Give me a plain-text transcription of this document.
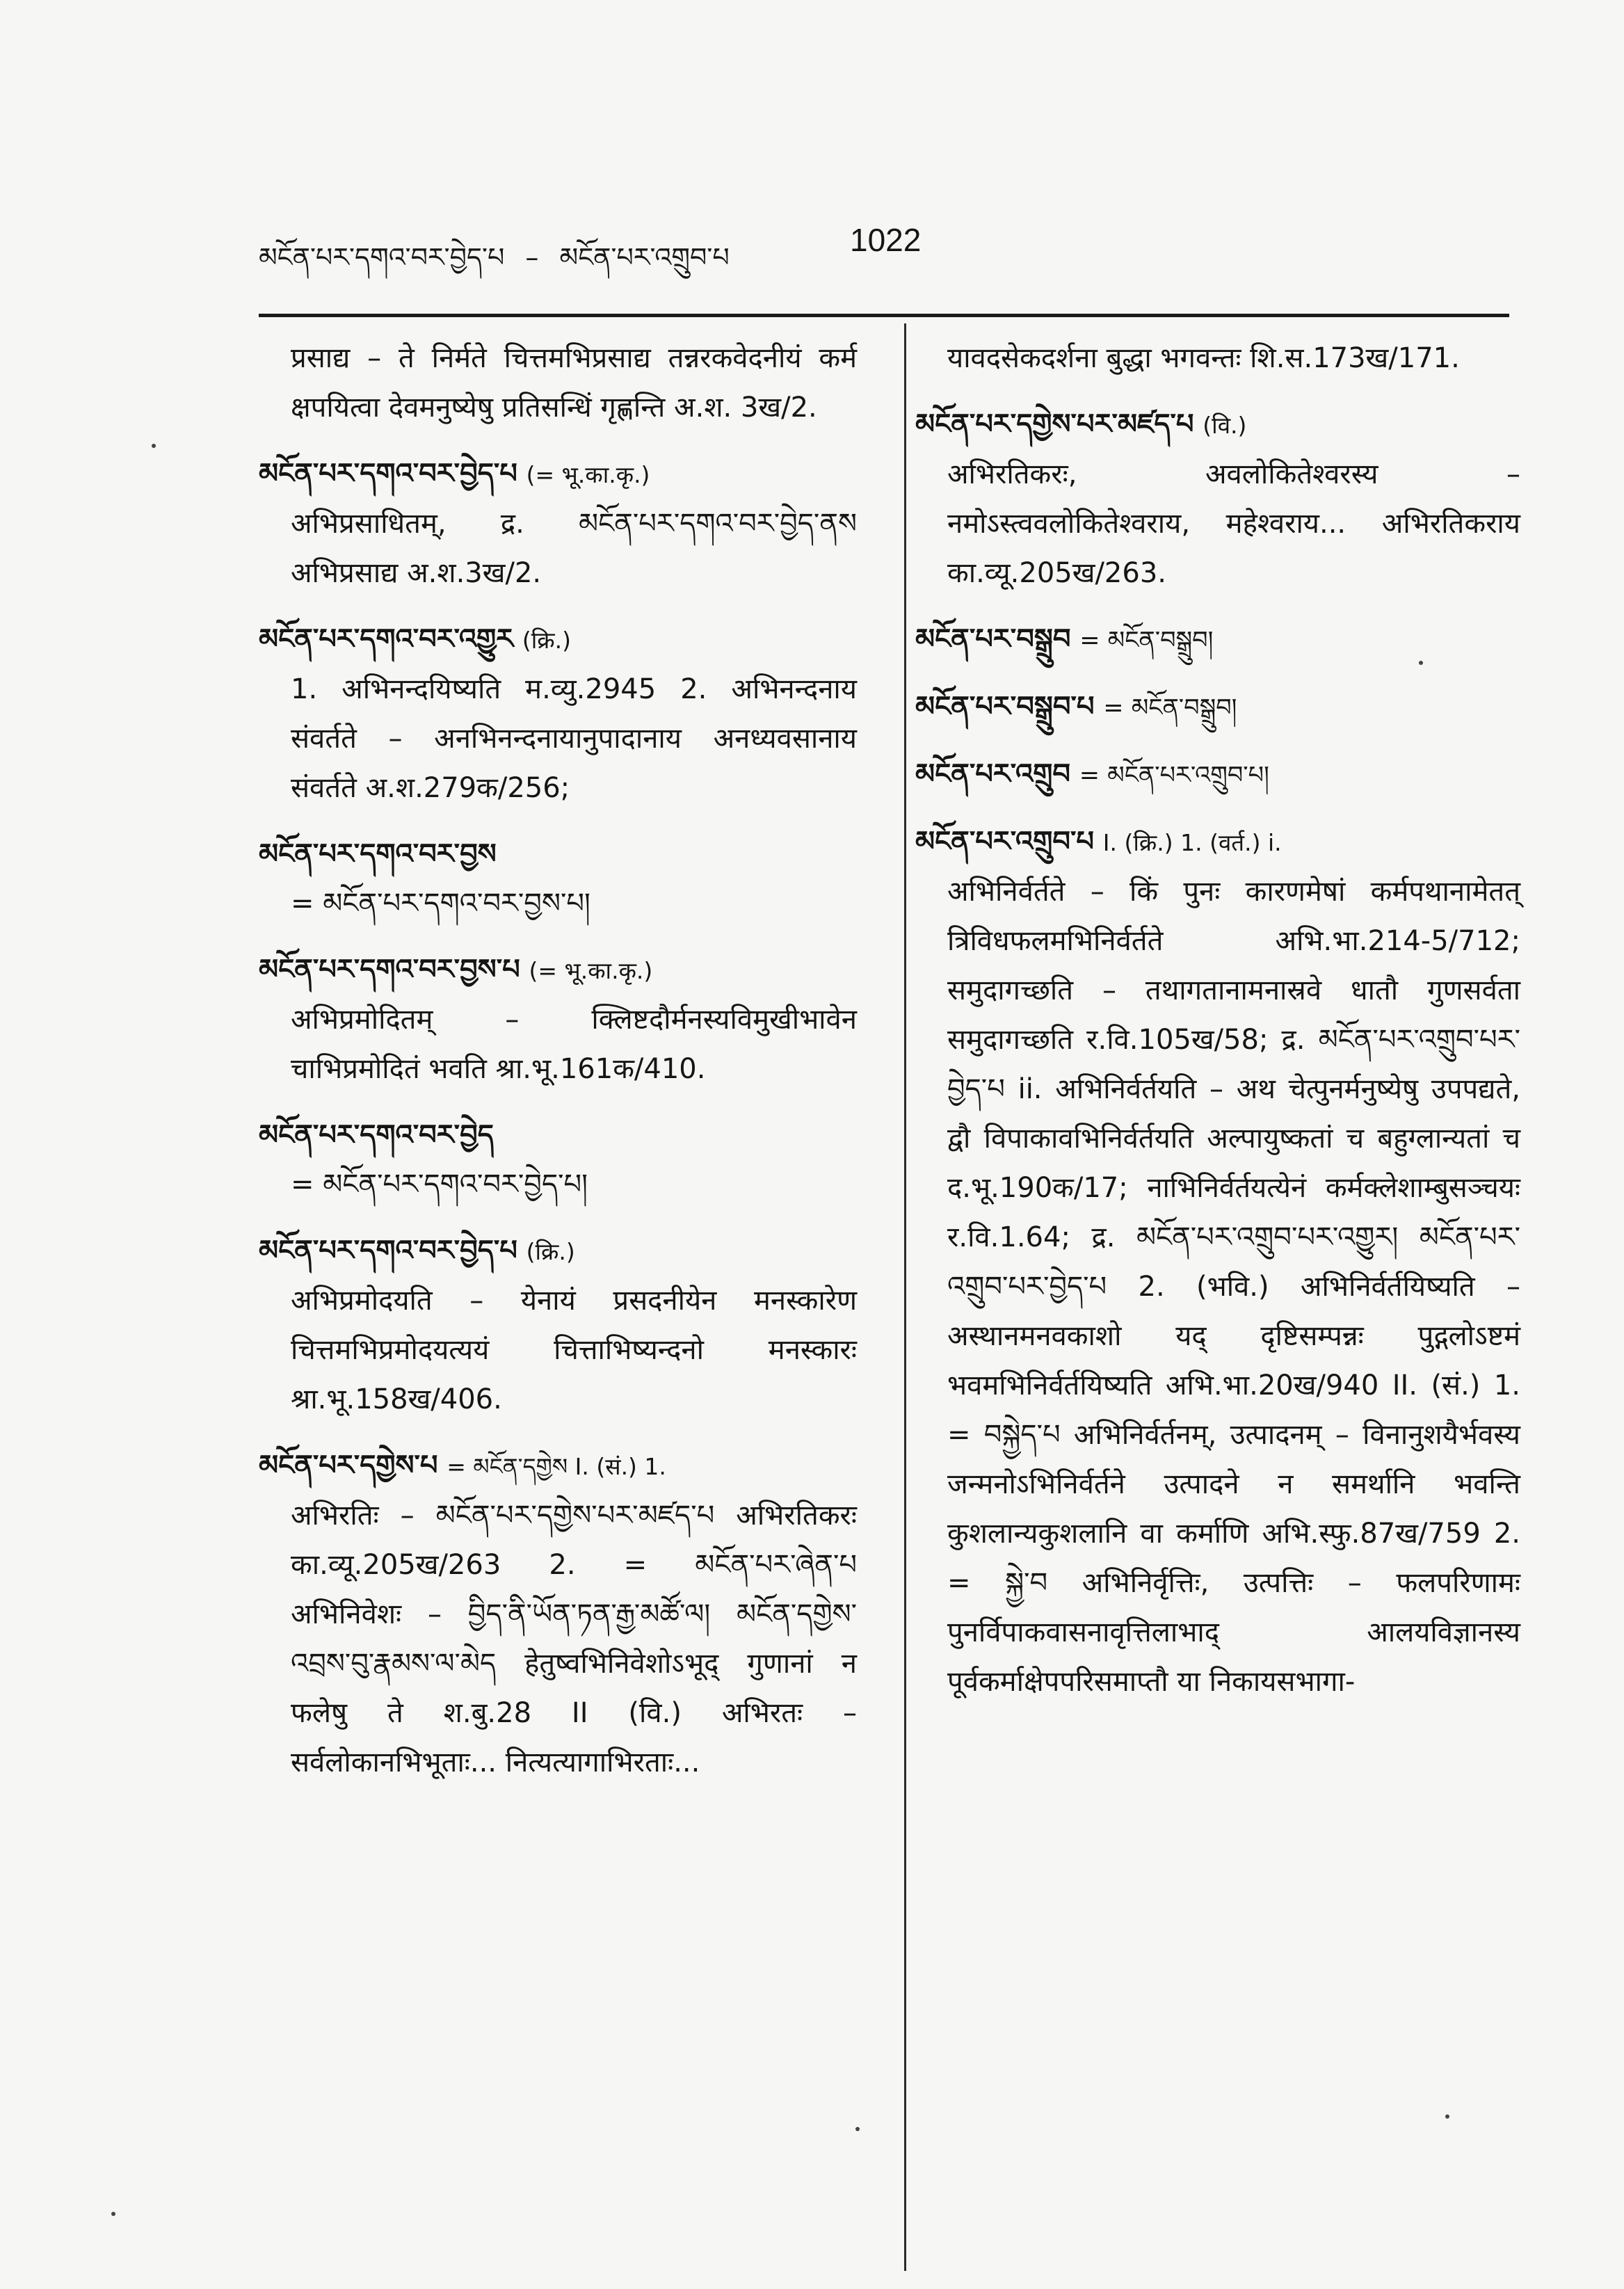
མངོན་པར་དགའ་བར་བྱེད་པ – མངོན་པར་འགྲུབ་པ	1022
प्रसाद्य – ते निर्मते चित्तमभिप्रसाद्य तन्नरकवेदनीयं कर्म क्षपयित्वा देवमनुष्येषु प्रतिसन्धिं गृह्णन्ति अ.श. 3ख/2.
མངོན་པར་དགའ་བར་བྱེད་པ (= भू.का.कृ.)
अभिप्रसाधितम्, द्र. མངོན་པར་དགའ་བར་བྱེད་ནས अभिप्रसाद्य अ.श.3ख/2.
མངོན་པར་དགའ་བར་འགྱུར (क्रि.)
1. अभिनन्दयिष्यति म.व्यु.2945 2. अभिनन्दनाय संवर्तते – अनभिनन्दनायानुपादानाय अनध्यवसानाय संवर्तते अ.श.279क/256;
མངོན་པར་དགའ་བར་བྱས
= མངོན་པར་དགའ་བར་བྱས་པ།
མངོན་པར་དགའ་བར་བྱས་པ (= भू.का.कृ.)
अभिप्रमोदितम् – क्लिष्टदौर्मनस्यविमुखीभावेन चाभिप्रमोदितं भवति श्रा.भू.161क/410.
མངོན་པར་དགའ་བར་བྱེད
= མངོན་པར་དགའ་བར་བྱེད་པ།
མངོན་པར་དགའ་བར་བྱེད་པ (क्रि.)
अभिप्रमोदयति – येनायं प्रसदनीयेन मनस्कारेण चित्तमभिप्रमोदयत्ययं चित्ताभिष्यन्दनो मनस्कारः श्रा.भू.158ख/406.
མངོན་པར་དགྱེས་པ = མངོན་དགྱེས I. (सं.) 1.
अभिरतिः – མངོན་པར་དགྱེས་པར་མཛད་པ अभिरतिकरः का.व्यू.205ख/263 2. = མངོན་པར་ཞེན་པ अभिनिवेशः – བྱིད་ནི་ཡོན་ཏན་རྒྱ་མཚོ་ལ། མངོན་དགྱེས་འབྲས་བུ་རྣམས་ལ་མེད हेतुष्वभिनिवेशोऽभूद् गुणानां न फलेषु ते श.बु.28 II (वि.) अभिरतः – सर्वलोकानभिभूताः... नित्यत्यागाभिरताः...
यावदसेकदर्शना बुद्धा भगवन्तः शि.स.173ख/171.
མངོན་པར་དགྱེས་པར་མཛད་པ (वि.)
अभिरतिकरः, अवलोकितेश्वरस्य – नमोऽस्त्ववलोकितेश्वराय, महेश्वराय... अभिरतिकराय का.व्यू.205ख/263.
མངོན་པར་བསྒྲུབ = མངོན་བསྒྲུབ།
མངོན་པར་བསྒྲུབ་པ = མངོན་བསྒྲུབ།
མངོན་པར་འགྲུབ = མངོན་པར་འགྲུབ་པ།
མངོན་པར་འགྲུབ་པ I. (क्रि.) 1. (वर्त.) i.
अभिनिर्वर्तते – किं पुनः कारणमेषां कर्मपथानामेतत् त्रिविधफलमभिनिर्वर्तते अभि.भा.214-5/712; समुदागच्छति – तथागतानामनास्रवे धातौ गुणसर्वता समुदागच्छति र.वि.105ख/58; द्र. མངོན་པར་འགྲུབ་པར་བྱེད་པ ii. अभिनिर्वर्तयति – अथ चेत्पुनर्मनुष्येषु उपपद्यते, द्वौ विपाकावभिनिर्वर्तयति अल्पायुष्कतां च बहुग्लान्यतां च द.भू.190क/17; नाभिनिर्वर्तयत्येनं कर्मक्लेशाम्बुसञ्चयः र.वि.1.64; द्र. མངོན་པར་འགྲུབ་པར་འགྱུར། མངོན་པར་འགྲུབ་པར་བྱེད་པ 2. (भवि.) अभिनिर्वर्तयिष्यति – अस्थानमनवकाशो यद् दृष्टिसम्पन्नः पुद्गलोऽष्टमं भवमभिनिर्वर्तयिष्यति अभि.भा.20ख/940 II. (सं.) 1. = བསྐྱེད་པ अभिनिर्वर्तनम्, उत्पादनम् – विनानुशयैर्भवस्य जन्मनोऽभिनिर्वर्तने उत्पादने न समर्थानि भवन्ति कुशलान्यकुशलानि वा कर्माणि अभि.स्फु.87ख/759 2. = སྐྱེ་བ अभिनिर्वृत्तिः, उत्पत्तिः – फलपरिणामः पुनर्विपाकवासनावृत्तिलाभाद् आलयविज्ञानस्य पूर्वकर्माक्षेपपरिसमाप्तौ या निकायसभागा-
